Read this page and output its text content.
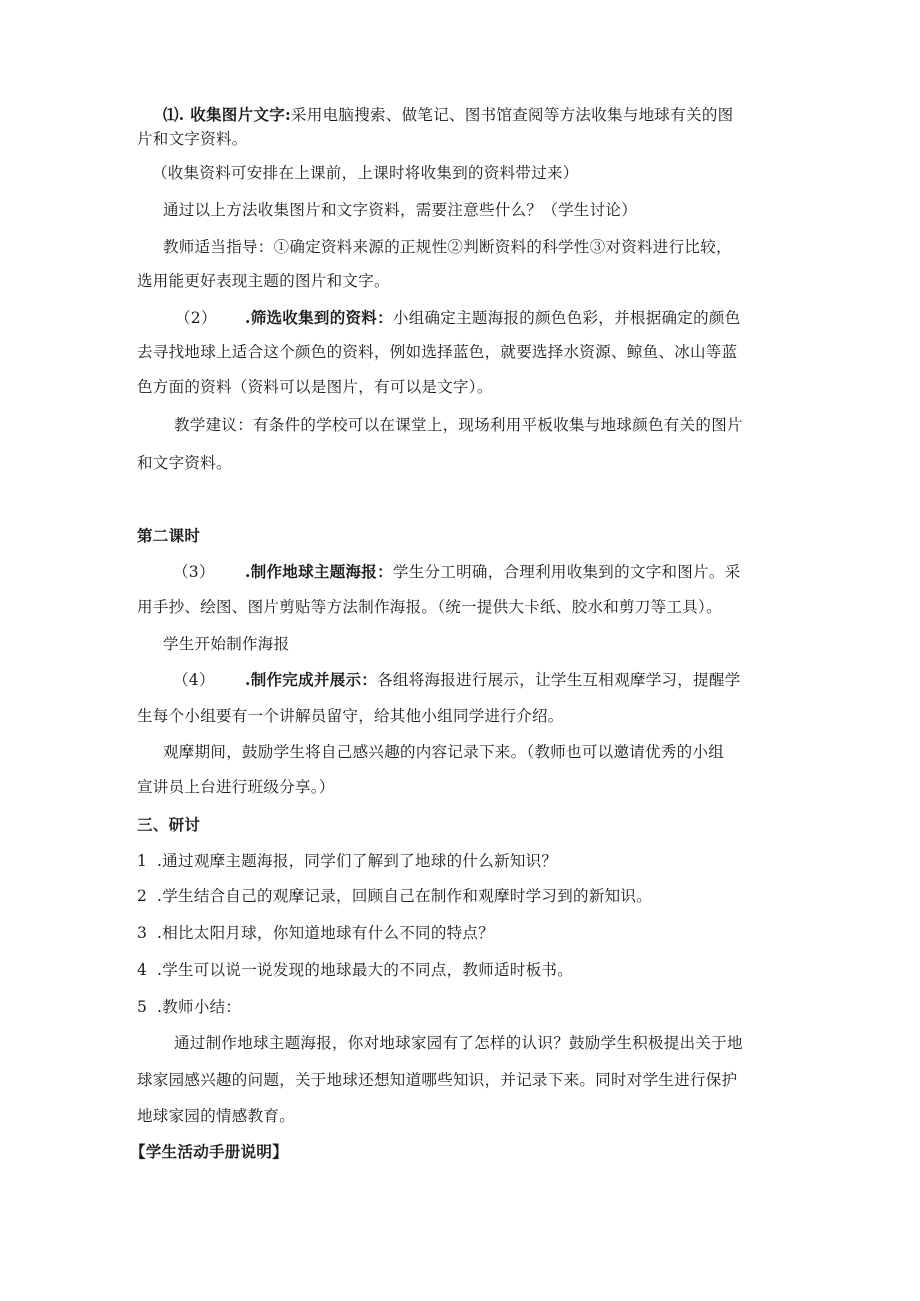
⑴. 收集图片文字:采用电脑搜索、做笔记、图书馆查阅等方法收集与地球有关的图
片和文字资料。
（收集资料可安排在上课前，上课时将收集到的资料带过来）
通过以上方法收集图片和文字资料，需要注意些什么？（学生讨论）
教师适当指导：①确定资料来源的正规性②判断资料的科学性③对资料进行比较，
选用能更好表现主题的图片和文字。
（2） .筛选收集到的资料：小组确定主题海报的颜色色彩，并根据确定的颜色
去寻找地球上适合这个颜色的资料，例如选择蓝色，就要选择水资源、鲸鱼、冰山等蓝
色方面的资料（资料可以是图片，有可以是文字）。
教学建议：有条件的学校可以在课堂上，现场利用平板收集与地球颜色有关的图片
和文字资料。
第二课时
（3） .制作地球主题海报：学生分工明确，合理利用收集到的文字和图片。采
用手抄、绘图、图片剪贴等方法制作海报。（统一提供大卡纸、胶水和剪刀等工具）。
学生开始制作海报
（4） .制作完成并展示：各组将海报进行展示，让学生互相观摩学习，提醒学
生每个小组要有一个讲解员留守，给其他小组同学进行介绍。
观摩期间，鼓励学生将自己感兴趣的内容记录下来。（教师也可以邀请优秀的小组
宣讲员上台进行班级分享。）
三、研讨
1 .通过观摩主题海报，同学们了解到了地球的什么新知识？
2 .学生结合自己的观摩记录，回顾自己在制作和观摩时学习到的新知识。
3 .相比太阳月球，你知道地球有什么不同的特点？
4 .学生可以说一说发现的地球最大的不同点，教师适时板书。
5 .教师小结：
通过制作地球主题海报，你对地球家园有了怎样的认识？鼓励学生积极提出关于地
球家园感兴趣的问题，关于地球还想知道哪些知识，并记录下来。同时对学生进行保护
地球家园的情感教育。
【学生活动手册说明】
